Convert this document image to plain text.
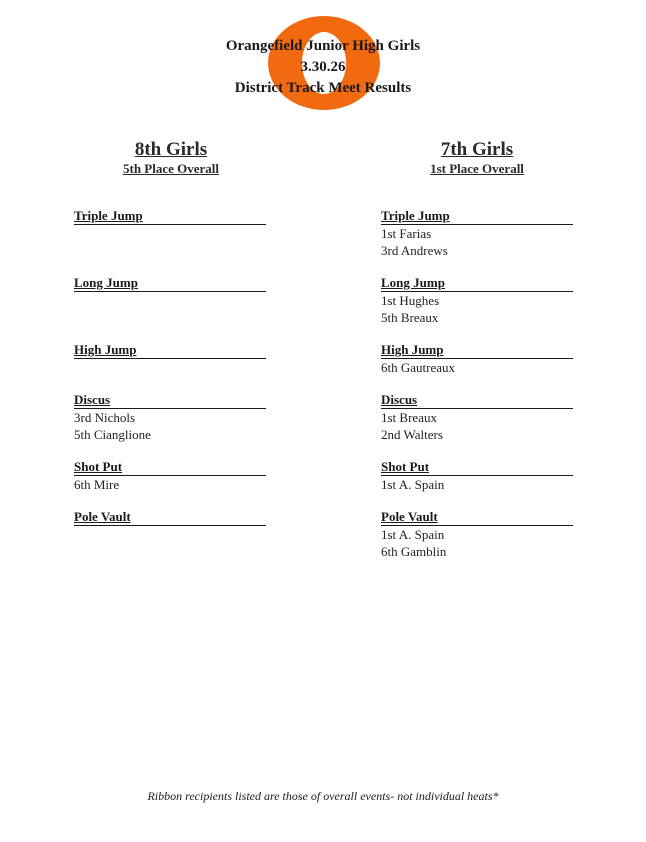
Orangefield Junior High Girls
3.30.26
District Track Meet Results
8th Girls
5th Place Overall
7th Girls
1st Place Overall
Triple Jump
Long Jump
High Jump
Discus
3rd Nichols
5th Cianglione
Shot Put
6th Mire
Pole Vault
Triple Jump
1st Farias
3rd Andrews
Long Jump
1st Hughes
5th Breaux
High Jump
6th Gautreaux
Discus
1st Breaux
2nd Walters
Shot Put
1st A. Spain
Pole Vault
1st A. Spain
6th Gamblin
Ribbon recipients listed are those of overall events- not individual heats*
